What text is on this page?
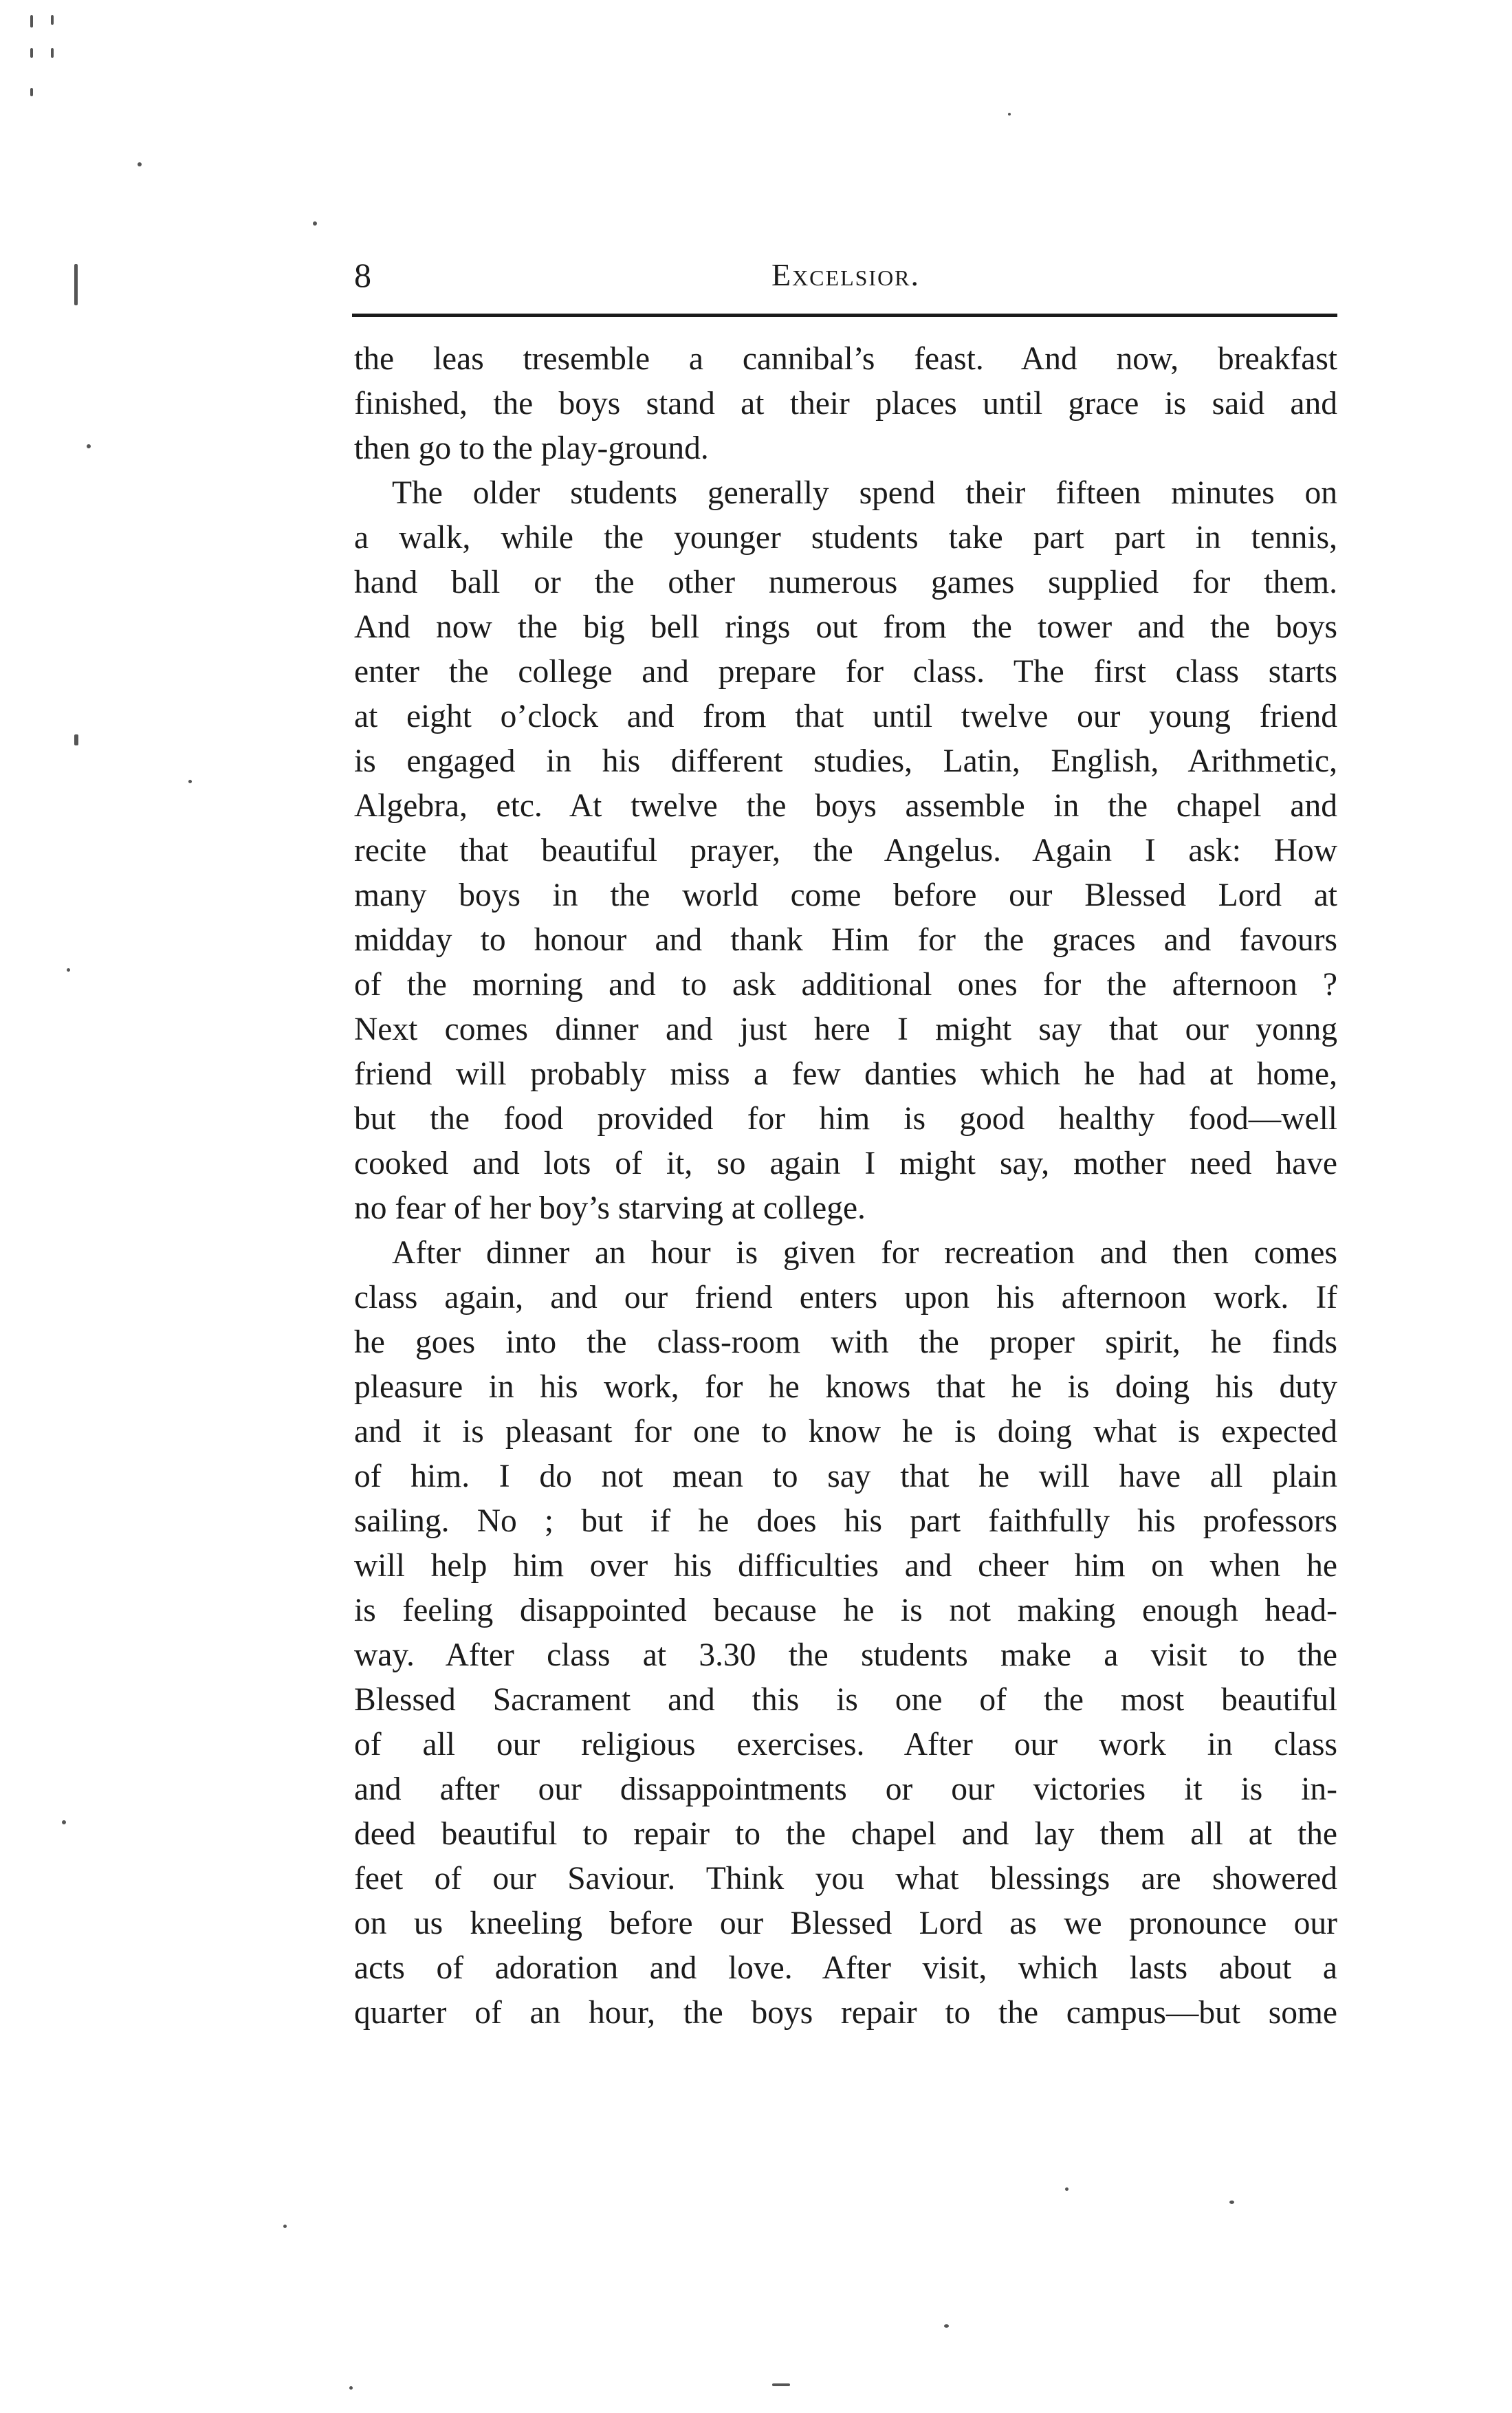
8	Excelsior.
the leas tresemble a cannibal’s feast. And now, breakfast
finished, the boys stand at their places until grace is said and
then go to the play-ground.
The older students generally spend their fifteen minutes on
a walk, while the younger students take part part in tennis,
hand ball or the other numerous games supplied for them.
And now the big bell rings out from the tower and the boys
enter the college and prepare for class. The first class starts
at eight o’clock and from that until twelve our young friend
is engaged in his different studies, Latin, English, Arithmetic,
Algebra, etc. At twelve the boys assemble in the chapel and
recite that beautiful prayer, the Angelus. Again I ask: How
many boys in the world come before our Blessed Lord at
midday to honour and thank Him for the graces and favours
of the morning and to ask additional ones for the afternoon ?
Next comes dinner and just here I might say that our yonng
friend will probably miss a few danties which he had at home,
but the food provided for him is good healthy food—well
cooked and lots of it, so again I might say, mother need have
no fear of her boy’s starving at college.
After dinner an hour is given for recreation and then comes
class again, and our friend enters upon his afternoon work. If
he goes into the class-room with the proper spirit, he finds
pleasure in his work, for he knows that he is doing his duty
and it is pleasant for one to know he is doing what is expected
of him. I do not mean to say that he will have all plain
sailing. No ; but if he does his part faithfully his professors
will help him over his difficulties and cheer him on when he
is feeling disappointed because he is not making enough head-
way. After class at 3.30 the students make a visit to the
Blessed Sacrament and this is one of the most beautiful
of all our religious exercises. After our work in class
and after our dissappointments or our victories it is in-
deed beautiful to repair to the chapel and lay them all at the
feet of our Saviour. Think you what blessings are showered
on us kneeling before our Blessed Lord as we pronounce our
acts of adoration and love. After visit, which lasts about a
quarter of an hour, the boys repair to the campus—but some
